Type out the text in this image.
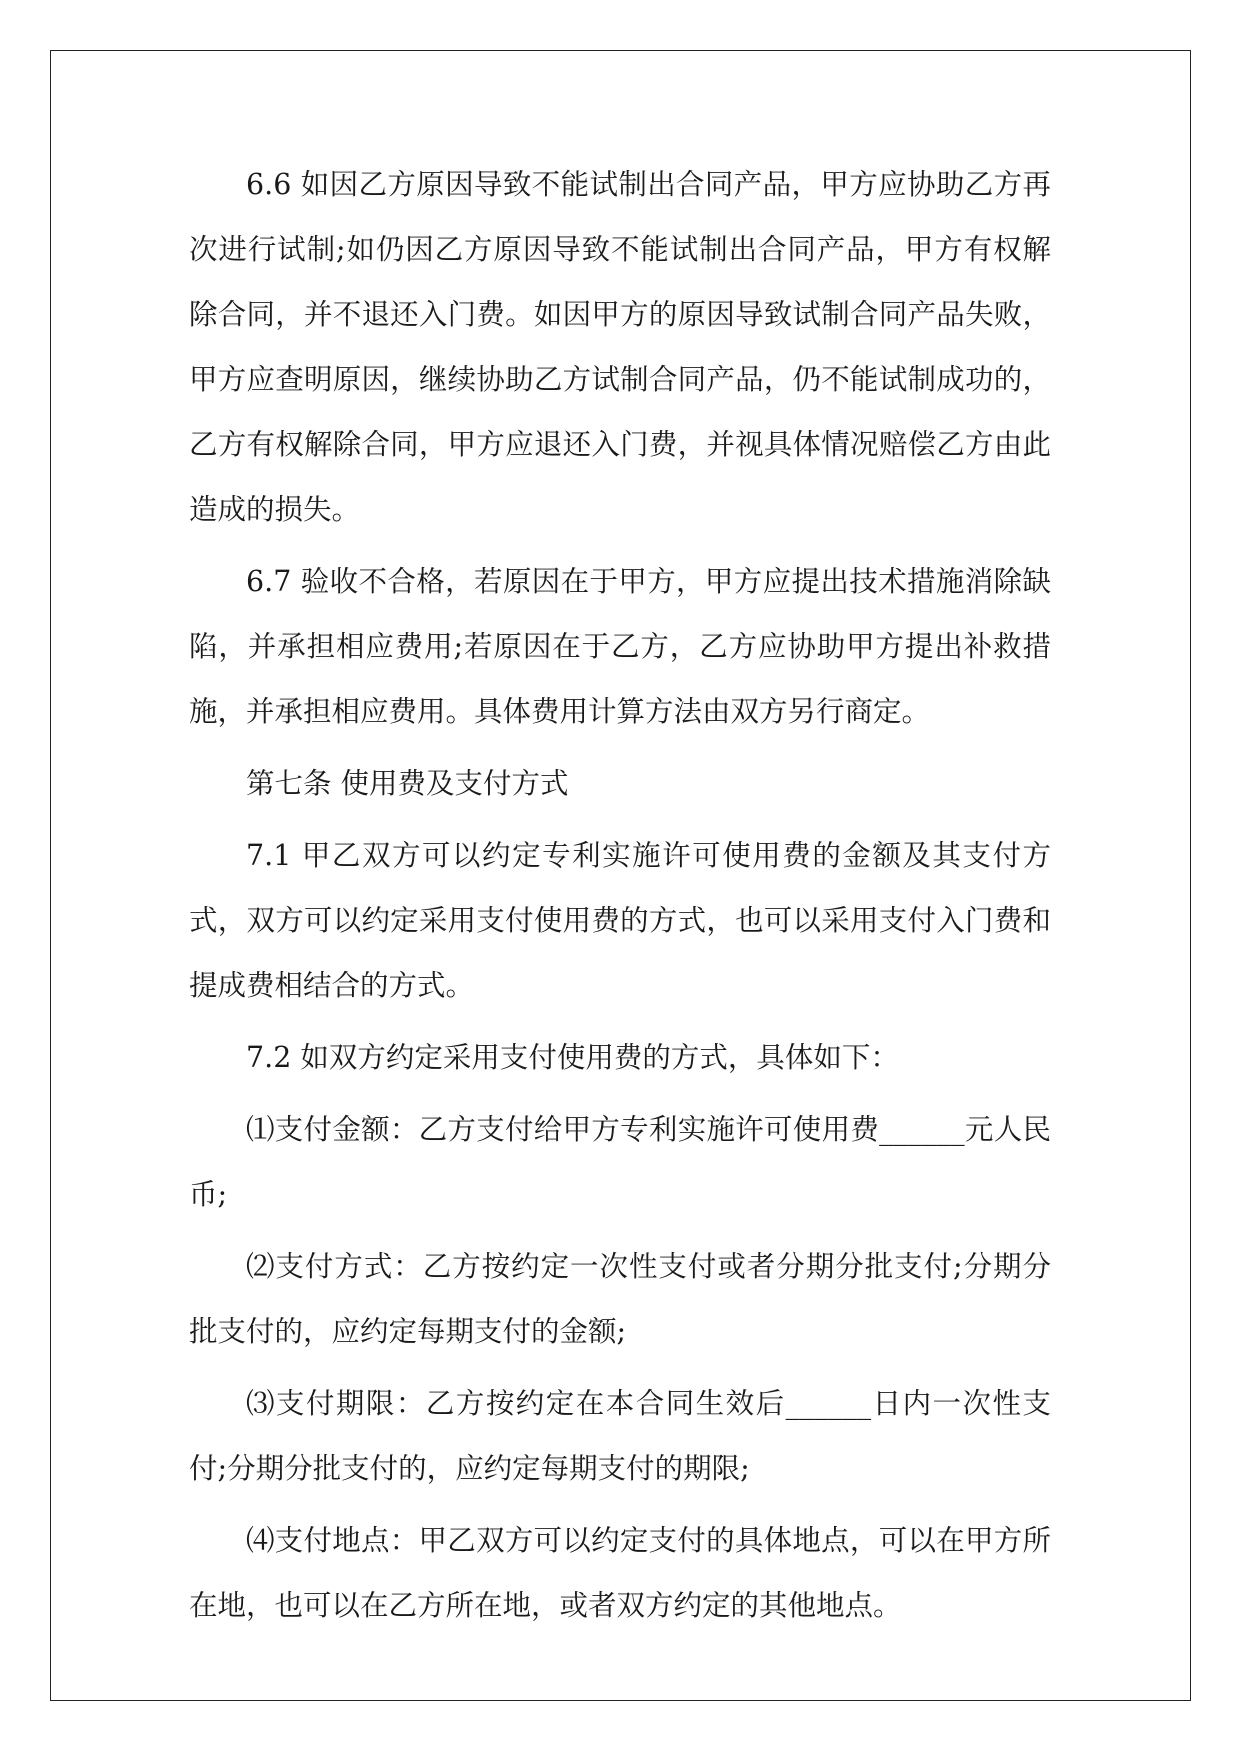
6.6 如因乙方原因导致不能试制出合同产品，甲方应协助乙方再次进行试制;如仍因乙方原因导致不能试制出合同产品，甲方有权解除合同，并不退还入门费。如因甲方的原因导致试制合同产品失败，甲方应查明原因，继续协助乙方试制合同产品，仍不能试制成功的，乙方有权解除合同，甲方应退还入门费，并视具体情况赔偿乙方由此造成的损失。

6.7 验收不合格，若原因在于甲方，甲方应提出技术措施消除缺陷，并承担相应费用;若原因在于乙方，乙方应协助甲方提出补救措施，并承担相应费用。具体费用计算方法由双方另行商定。

第七条 使用费及支付方式

7.1 甲乙双方可以约定专利实施许可使用费的金额及其支付方式，双方可以约定采用支付使用费的方式，也可以采用支付入门费和提成费相结合的方式。

7.2 如双方约定采用支付使用费的方式，具体如下：

⑴支付金额：乙方支付给甲方专利实施许可使用费______元人民币;

⑵支付方式：乙方按约定一次性支付或者分期分批支付;分期分批支付的，应约定每期支付的金额;

⑶支付期限：乙方按约定在本合同生效后______日内一次性支付;分期分批支付的，应约定每期支付的期限;

⑷支付地点：甲乙双方可以约定支付的具体地点，可以在甲方所在地，也可以在乙方所在地，或者双方约定的其他地点。
